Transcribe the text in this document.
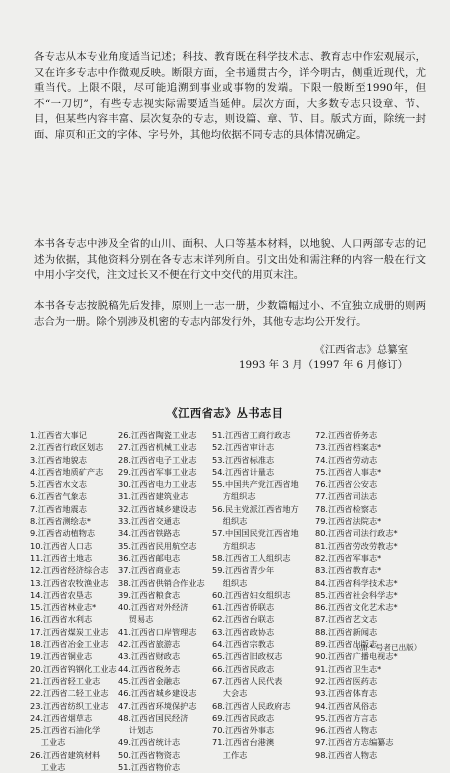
各专志从本专业角度适当记述；科技、教育既在科学技术志、教育志中作宏观展示，又在许多专志中作微观反映。断限方面，全书通贯古今，详今明古，侧重近现代，尤重当代。上限不限，尽可能追溯到事业或事物的发端。下限一般断至1990年，但不“一刀切”，有些专志视实际需要适当延伸。层次方面，大多数专志只设章、节、目，但某些内容丰富、层次复杂的专志，则设篇、章、节、目。版式方面，除统一封面、扉页和正文的字体、字号外，其他均依据不同专志的具体情况确定。

本书各专志中涉及全省的山川、面积、人口等基本材料，以地貌、人口两部专志的记述为依据，其他资料分别在各专志末详列所自。引文出处和需注释的内容一般在行文中用小字交代，注文过长又不便在行文中交代的用页末注。

本书各专志按脱稿先后发排，原则上一志一册，少数篇幅过小、不宜独立成册的则两志合为一册。除个别涉及机密的专志内部发行外，其他专志均公开发行。

《江西省志》总纂室
1993 年 3 月（1997 年 6 月修订）
《江西省志》丛书志目
1.江西省大事记
2.江西省行政区划志
3.江西省地貌志
4.江西省地质矿产志
5.江西省水文志
6.江西省气象志
7.江西省地震志
8.江西省测绘志*
9.江西省动植物志
10.江西省人口志
11.江西省土地志
12.江西省经济综合志
13.江西省农牧渔业志
14.江西省农垦志
15.江西省林业志*
16.江西省水利志
17.江西省煤炭工业志
18.江西省冶金工业志
19.江西省铜业志
20.江西省钨钢化工业志
21.江西省轻工业志
22.江西省二轻工业志
23.江西省纺织工业志
24.江西省烟草志
25.江西省石油化学
　 工业志
26.江西省建筑材料
　 工业志
26.江西省陶瓷工业志
27.江西省机械工业志
28.江西省电子工业志
29.江西省军事工业志
30.江西省电力工业志
31.江西省建筑业志
32.江西省城乡建设志
33.江西省交通志
34.江西省铁路志
35.江西省民用航空志
36.江西省邮电志
37.江西省商业志
38.江西省供销合作业志
39.江西省粮食志
40.江西省对外经济
　 贸易志
41.江西省口岸管理志
42.江西省旅游志
43.江西省财政志
44.江西省税务志
45.江西省金融志
46.江西省城乡建设志
47.江西省环境保护志
48.江西省国民经济
　 计划志
49.江西省统计志
50.江西省物资志
51.江西省物价志
51.江西省工商行政志
52.江西省审计志
53.江西省标准志
54.江西省计量志
55.中国共产党江西省地
　 方组织志
56.民主党派江西省地方
　 组织志
57.中国国民党江西省地
　 方组织志
58.江西省工人组织志
59.江西省青少年
　 组织志
60.江西省妇女组织志
61.江西省侨联志
62.江西省台联志
63.江西省政协志
64.江西省宗教志
65.江西省旧政权志
66.江西省民政志
67.江西省人民代表
　 大会志
68.江西省人民政府志
69.江西省民政志
70.江西省外事志
71.江西省台港澳
　 工作志
72.江西省侨务志
73.江西省档案志*
74.江西省劳动志
75.江西省人事志*
76.江西省公安志
77.江西省司法志
78.江西省检察志
79.江西省法院志*
80.江西省司法行政志*
81.江西省劳改劳教志*
82.江西省军事志*
83.江西省教育志*
84.江西省科学技术志*
85.江西省社会科学志*
86.江西省文化艺术志*
87.江西省艺文志
88.江西省新闻志
89.江西省出版志
90.江西省广播电视志*
91.江西省卫生志*
92.江西省医药志
93.江西省体育志
94.江西省风俗志
95.江西省方言志
96.江西省人物志
97.江西省方志编纂志
98.江西省人物志
（加 * 号者已出版）
